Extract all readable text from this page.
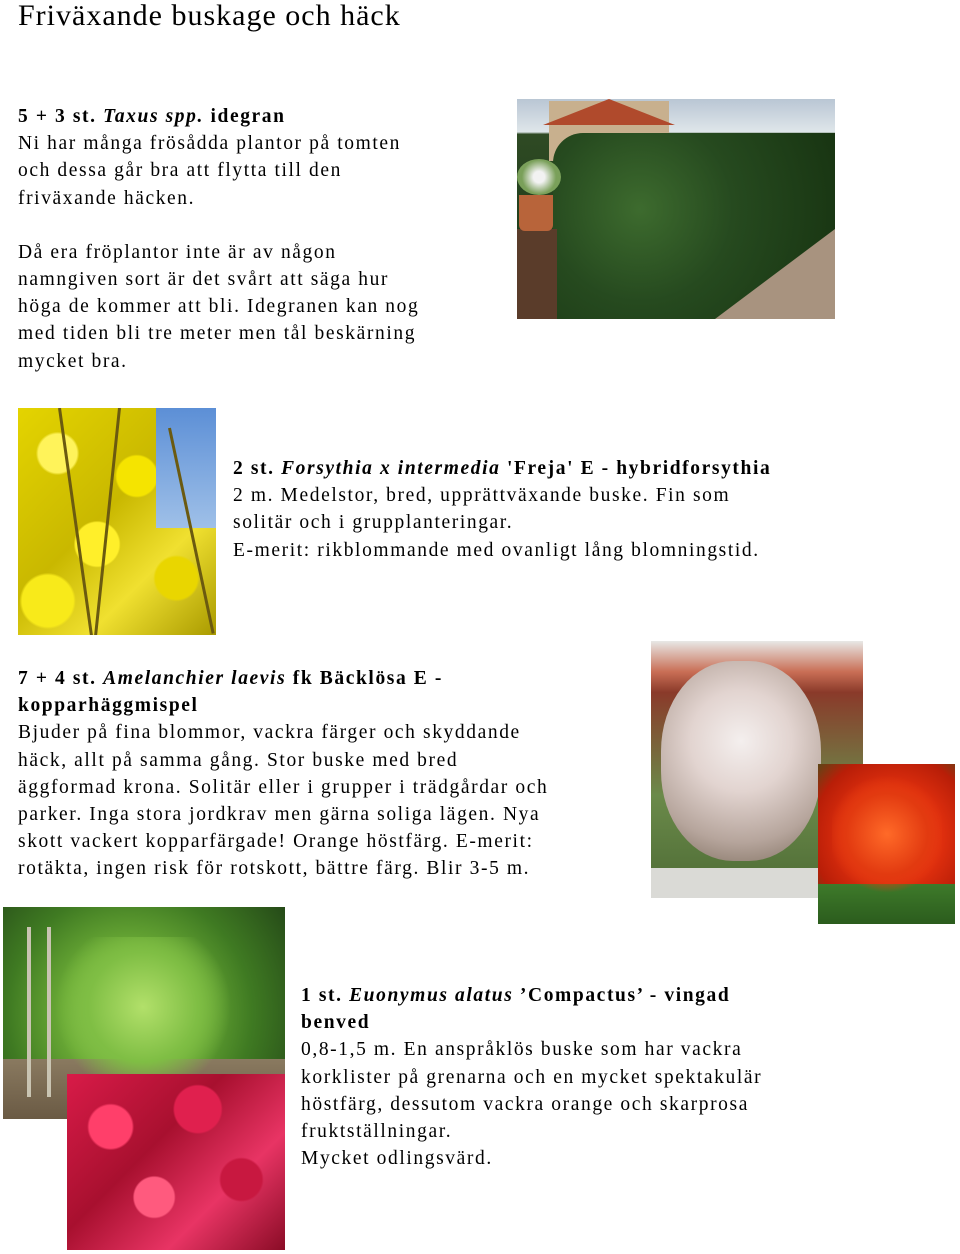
Friväxande buskage och häck

5 + 3 st. Taxus spp. idegran

Ni har många frösådda plantor på tomten

och dessa går bra att flytta till den

friväxande häcken.

Då era fröplantor inte är av någon

namngiven sort är det svårt att säga hur

höga de kommer att bli. Idegranen kan nog

med tiden bli tre meter men tål beskärning

mycket bra.

2 st. Forsythia x intermedia 'Freja' E - hybridforsythia

2 m. Medelstor, bred, upprättväxande buske. Fin som

solitär och i grupplanteringar.

E-merit: rikblommande med ovanligt lång blomningstid.

7 + 4 st. Amelanchier laevis fk Bäcklösa E -

kopparhäggmispel

Bjuder på fina blommor, vackra färger och skyddande

häck, allt på samma gång. Stor buske med bred

äggformad krona. Solitär eller i grupper i trädgårdar och

parker. Inga stora jordkrav men gärna soliga lägen. Nya

skott vackert kopparfärgade! Orange höstfärg. E-merit:

rotäkta, ingen risk för rotskott, bättre färg. Blir 3-5 m.

1 st. Euonymus alatus ’Compactus’ - vingad

benved

0,8-1,5 m. En anspråklös buske som har vackra

korklister på grenarna och en mycket spektakulär

höstfärg, dessutom vackra orange och skarprosa

fruktställningar.

Mycket odlingsvärd.
